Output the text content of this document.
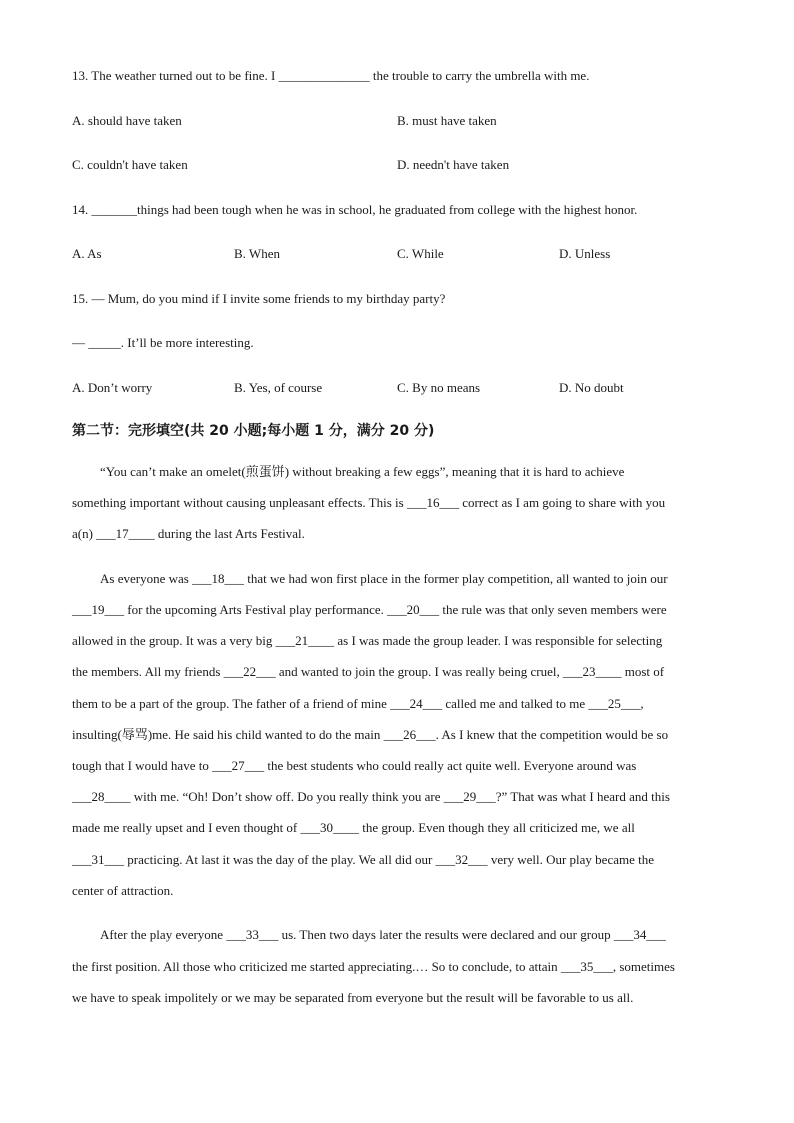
13. The weather turned out to be fine. I ______________ the trouble to carry the umbrella with me.
A. should have taken	B. must have taken
C. couldn't have taken	D. needn't have taken
14. _______things had been tough when he was in school, he graduated from college with the highest honor.
A. As	B. When	C. While	D. Unless
15. — Mum, do you mind if I invite some friends to my birthday party?
— _____. It’ll be more interesting.
A. Don’t worry	B. Yes, of course	C. By no means	D. No doubt
第二节：完形填空(共 20 小题;每小题 1 分，满分 20 分)
“You can’t make an omelet(煎蛋饼) without breaking a few eggs”, meaning that it is hard to achieve
something important without causing unpleasant effects. This is ___16___ correct as I am going to share with you
a(n) ___17____ during the last Arts Festival.
As everyone was ___18___ that we had won first place in the former play competition, all wanted to join our
___19___ for the upcoming Arts Festival play performance. ___20___ the rule was that only seven members were
allowed in the group. It was a very big ___21____ as I was made the group leader. I was responsible for selecting
the members. All my friends ___22___ and wanted to join the group. I was really being cruel, ___23____ most of
them to be a part of the group. The father of a friend of mine ___24___ called me and talked to me ___25___,
insulting(辱骂)me. He said his child wanted to do the main ___26___. As I knew that the competition would be so
tough that I would have to ___27___ the best students who could really act quite well. Everyone around was
___28____ with me. “Oh! Don’t show off. Do you really think you are ___29___?” That was what I heard and this
made me really upset and I even thought of ___30____ the group. Even though they all criticized me, we all
___31___ practicing. At last it was the day of the play. We all did our ___32___ very well. Our play became the
center of attraction.
After the play everyone ___33___ us. Then two days later the results were declared and our group ___34___
the first position. All those who criticized me started appreciating.… So to conclude, to attain ___35___, sometimes
we have to speak impolitely or we may be separated from everyone but the result will be favorable to us all.
